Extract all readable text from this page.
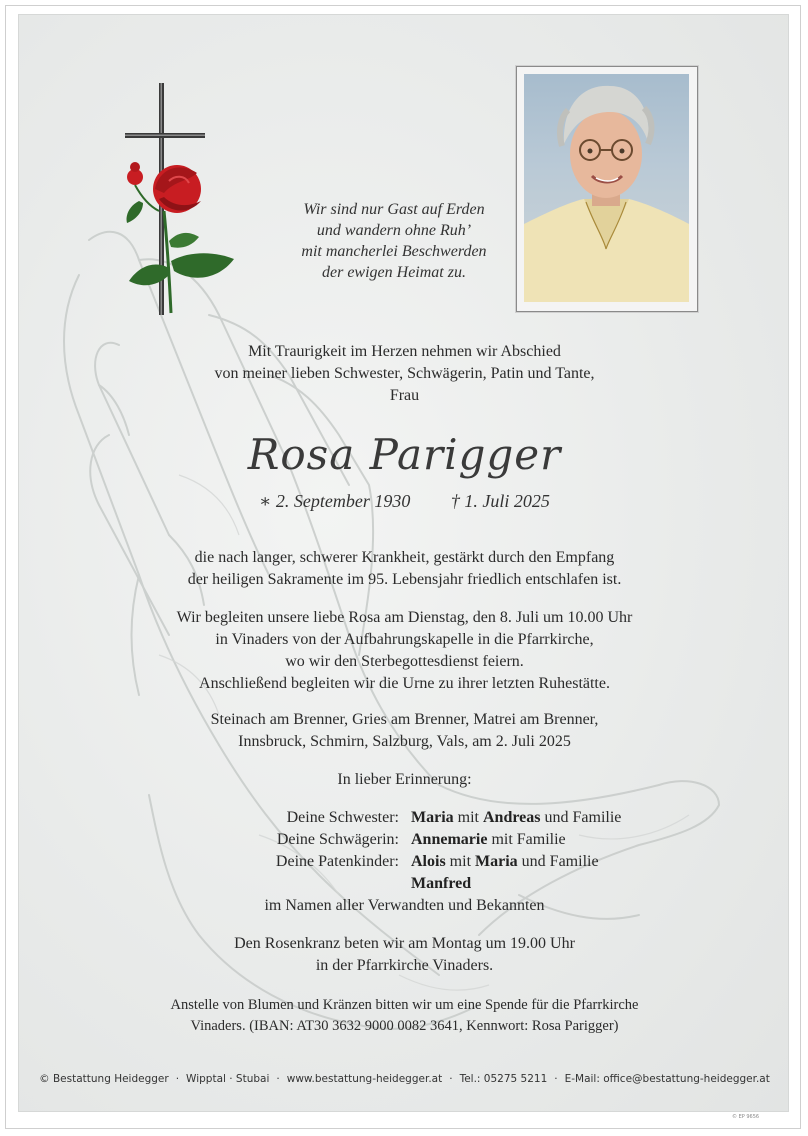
Wir sind nur Gast auf Erden
und wandern ohne Ruh’
mit mancherlei Beschwerden
der ewigen Heimat zu.
Mit Traurigkeit im Herzen nehmen wir Abschied
von meiner lieben Schwester, Schwägerin, Patin und Tante,
Frau
Rosa Parigger
∗ 2. September 1930 † 1. Juli 2025
die nach langer, schwerer Krankheit, gestärkt durch den Empfang
der heiligen Sakramente im 95. Lebensjahr friedlich entschlafen ist.
Wir begleiten unsere liebe Rosa am Dienstag, den 8. Juli um 10.00 Uhr
in Vinaders von der Aufbahrungskapelle in die Pfarrkirche,
wo wir den Sterbegottesdienst feiern.
Anschließend begleiten wir die Urne zu ihrer letzten Ruhestätte.
Steinach am Brenner, Gries am Brenner, Matrei am Brenner,
Innsbruck, Schmirn, Salzburg, Vals, am 2. Juli 2025
In lieber Erinnerung:
Deine Schwester: Maria mit Andreas und Familie
Deine Schwägerin: Annemarie mit Familie
Deine Patenkinder: Alois mit Maria und Familie
Manfred
im Namen aller Verwandten und Bekannten
Den Rosenkranz beten wir am Montag um 19.00 Uhr
in der Pfarrkirche Vinaders.
Anstelle von Blumen und Kränzen bitten wir um eine Spende für die Pfarrkirche
Vinaders. (IBAN: AT30 3632 9000 0082 3641, Kennwort: Rosa Parigger)
© Bestattung Heidegger · Wipptal · Stubai · www.bestattung-heidegger.at · Tel.: 05275 5211 · E-Mail: office@bestattung-heidegger.at
© EP 9656
